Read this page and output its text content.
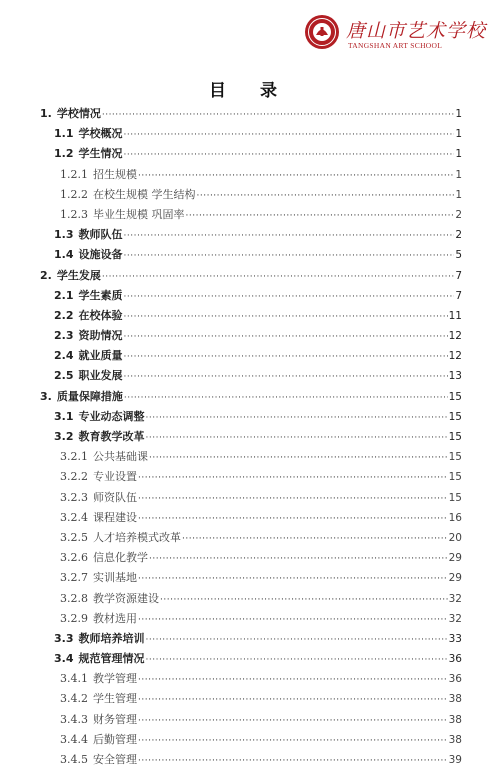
唐山市艺术学校
TANGSHAN ART SCHOOL
目 录
1. 学校情况 ·····	1
1.1 学校概况 ·····	1
1.2 学生情况 ·····	1
1.2.1 招生规模 ·····	1
1.2.2 在校生规模 学生结构 ·····	1
1.2.3 毕业生规模 巩固率 ·····	2
1.3 教师队伍 ·····	2
1.4 设施设备 ·····	5
2. 学生发展 ·····	7
2.1 学生素质 ·····	7
2.2 在校体验 ·····	11
2.3 资助情况 ·····	12
2.4 就业质量 ·····	12
2.5 职业发展 ·····	13
3. 质量保障措施 ·····	15
3.1 专业动态调整 ·····	15
3.2 教育教学改革 ·····	15
3.2.1 公共基础课 ·····	15
3.2.2 专业设置 ·····	15
3.2.3 师资队伍 ·····	15
3.2.4 课程建设 ·····	16
3.2.5 人才培养模式改革 ·····	20
3.2.6 信息化教学 ·····	29
3.2.7 实训基地 ·····	29
3.2.8 教学资源建设 ·····	32
3.2.9 教材选用 ·····	32
3.3 教师培养培训 ·····	33
3.4 规范管理情况 ·····	36
3.4.1 教学管理 ·····	36
3.4.2 学生管理 ·····	38
3.4.3 财务管理 ·····	38
3.4.4 后勤管理 ·····	38
3.4.5 安全管理 ·····	39
